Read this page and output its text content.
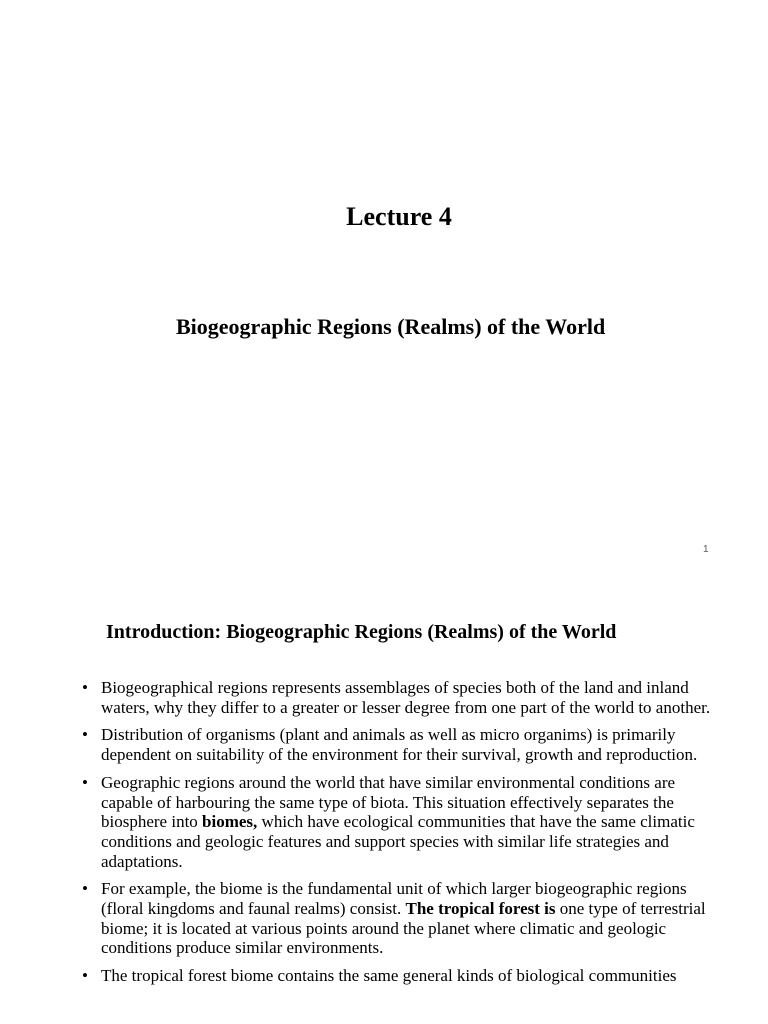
Lecture 4
Biogeographic Regions (Realms) of the World
1
Introduction: Biogeographic Regions (Realms) of the World
• Biogeographical regions represents assemblages of species both of the land and inland waters, why they differ to a greater or lesser degree from one part of the world to another.
• Distribution of organisms (plant and animals as well as micro organims) is primarily dependent on suitability of the environment for their survival, growth and reproduction.
• Geographic regions around the world that have similar environmental conditions are capable of harbouring the same type of biota. This situation effectively separates the biosphere into biomes, which have ecological communities that have the same climatic conditions and geologic features and support species with similar life strategies and adaptations.
• For example, the biome is the fundamental unit of which larger biogeographic regions (floral kingdoms and faunal realms) consist. The tropical forest is one type of terrestrial biome; it is located at various points around the planet where climatic and geologic conditions produce similar environments.
• The tropical forest biome contains the same general kinds of biological communities
